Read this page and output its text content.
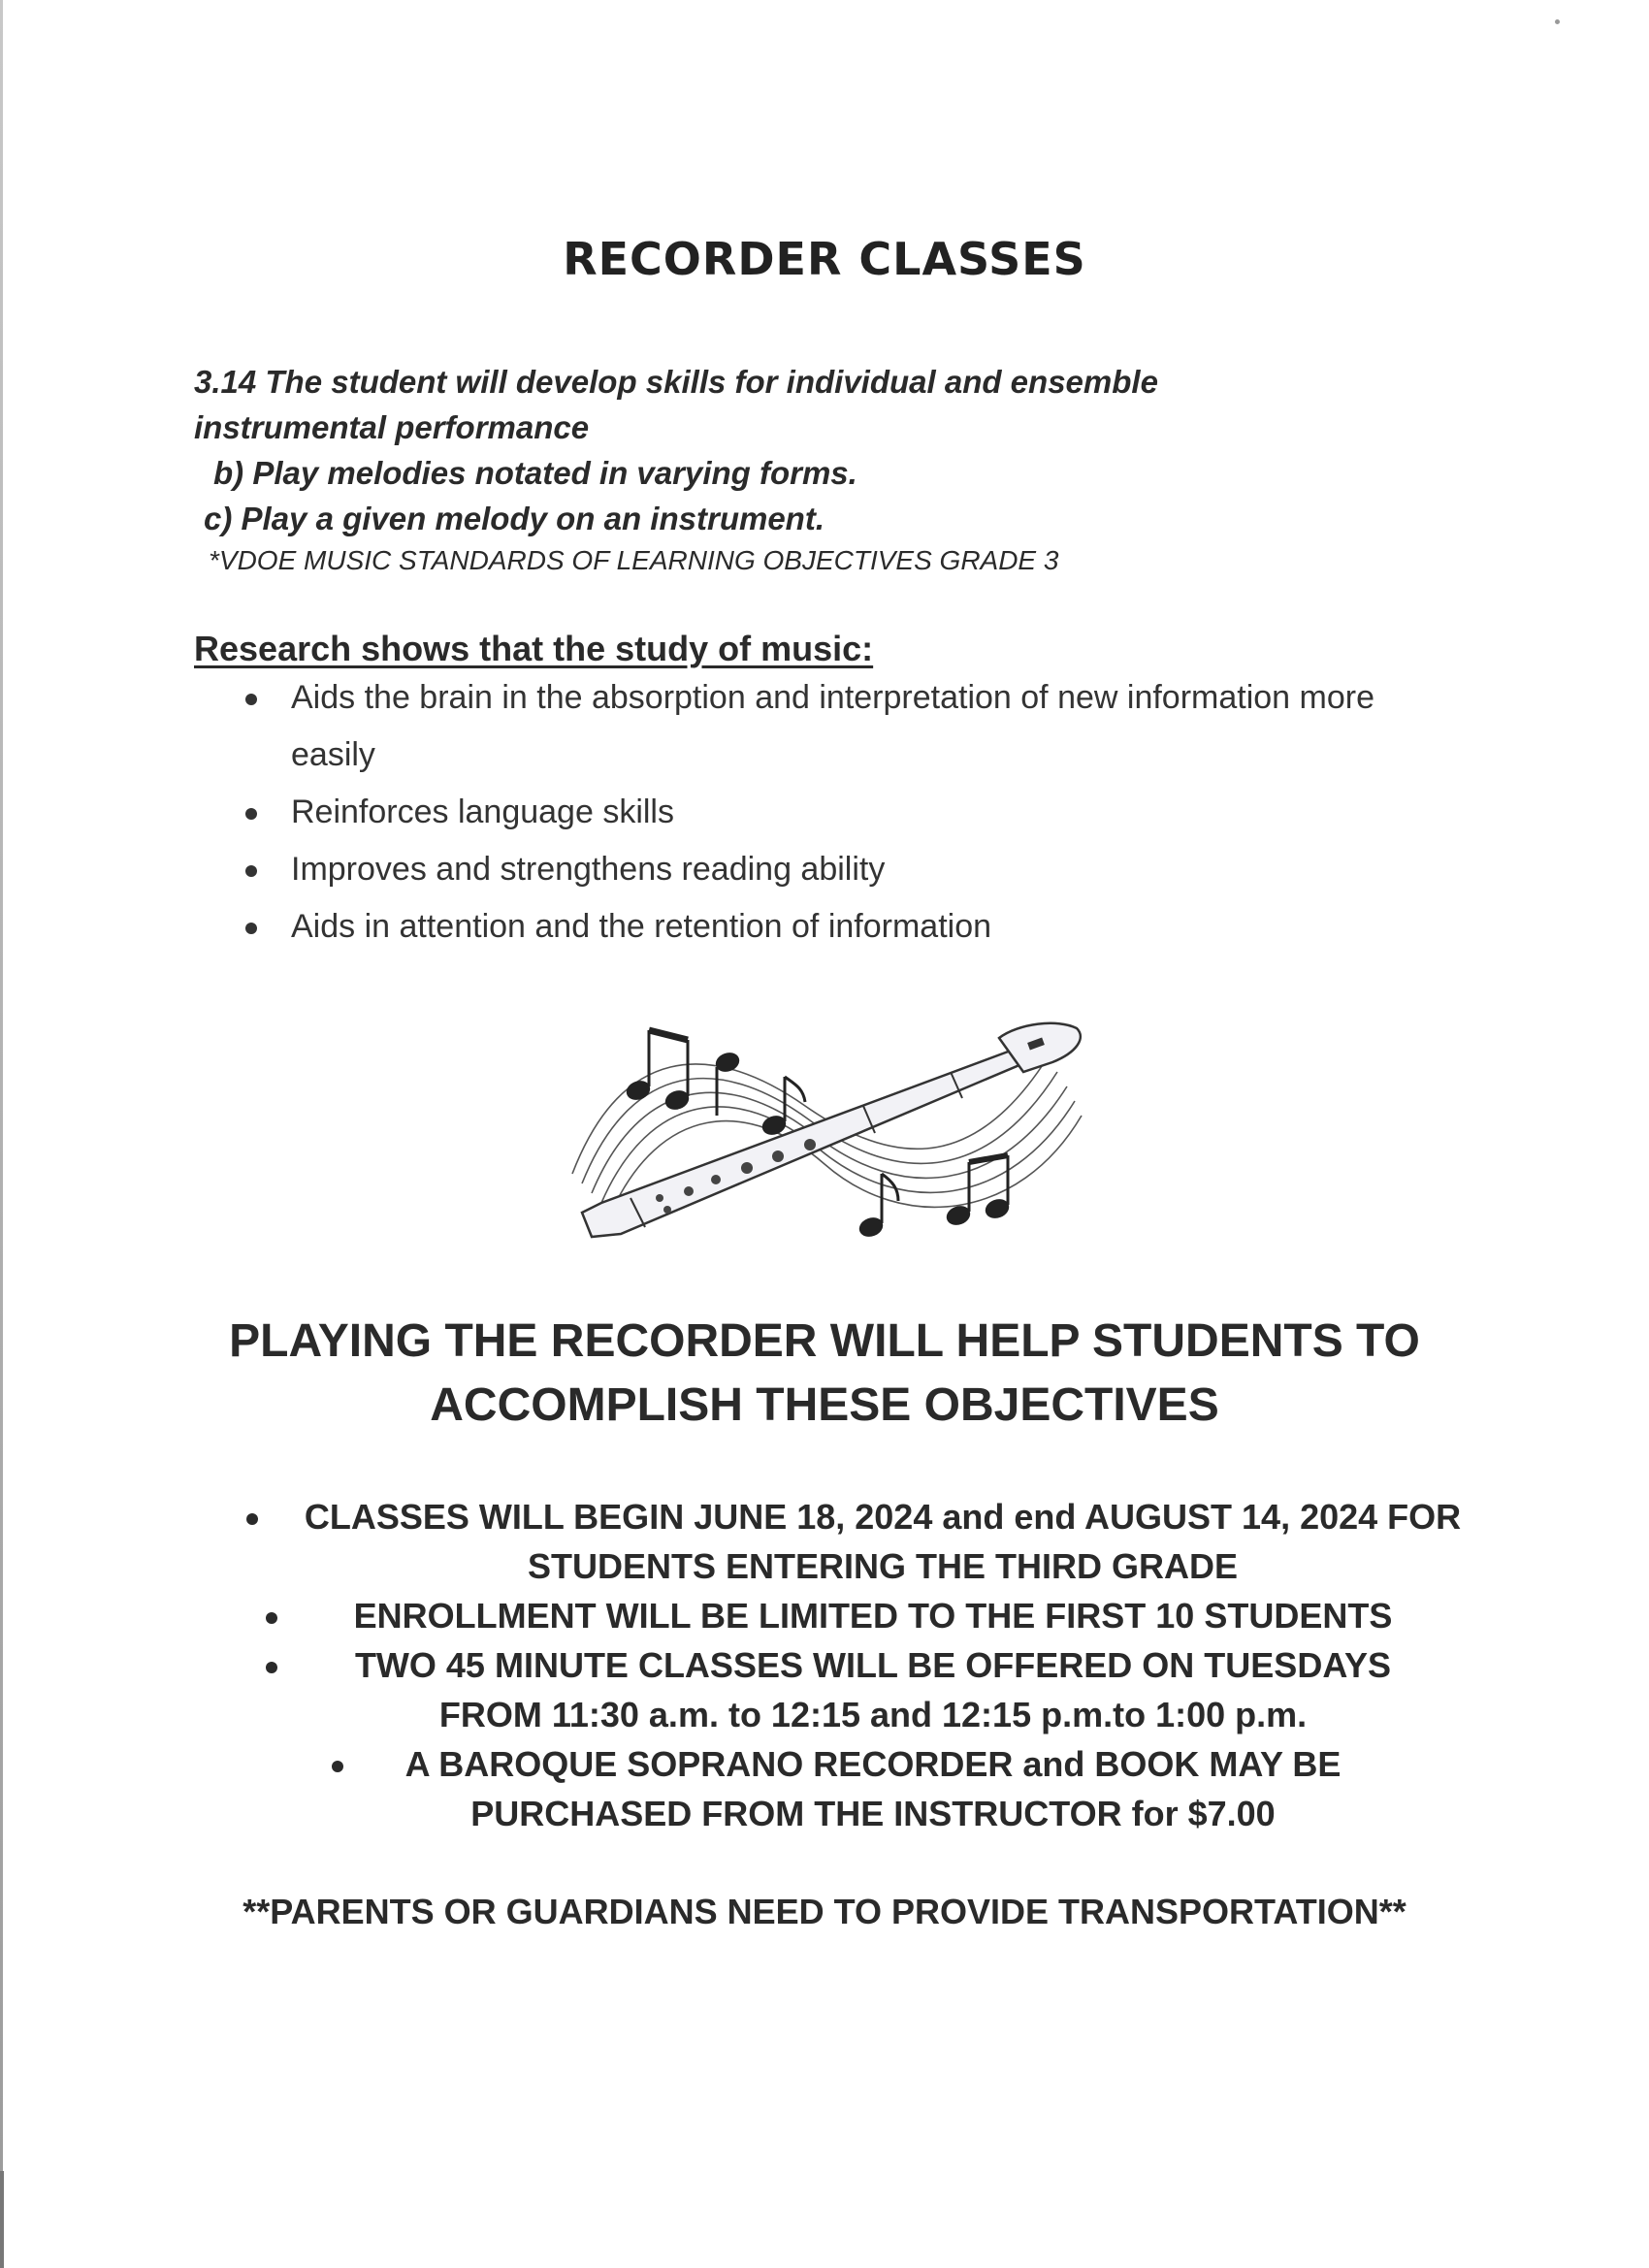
RECORDER CLASSES
3.14 The student will develop skills for individual and ensemble
instrumental performance
b) Play melodies notated in varying forms.
c) Play a given melody on an instrument.
*VDOE MUSIC STANDARDS OF LEARNING OBJECTIVES GRADE 3
Research shows that the study of music:
Aids the brain in the absorption and interpretation of new information more easily
Reinforces language skills
Improves and strengthens reading ability
Aids in attention and the retention of information
PLAYING THE RECORDER WILL HELP STUDENTS TO ACCOMPLISH THESE OBJECTIVES
CLASSES WILL BEGIN JUNE 18, 2024 and end AUGUST 14, 2024 FOR STUDENTS ENTERING THE THIRD GRADE
ENROLLMENT WILL BE LIMITED TO THE FIRST 10 STUDENTS
TWO 45 MINUTE CLASSES WILL BE OFFERED ON TUESDAYS FROM 11:30 a.m. to 12:15 and 12:15 p.m.to 1:00 p.m.
A BAROQUE SOPRANO RECORDER and BOOK MAY BE PURCHASED FROM THE INSTRUCTOR for $7.00
**PARENTS OR GUARDIANS NEED TO PROVIDE TRANSPORTATION**
